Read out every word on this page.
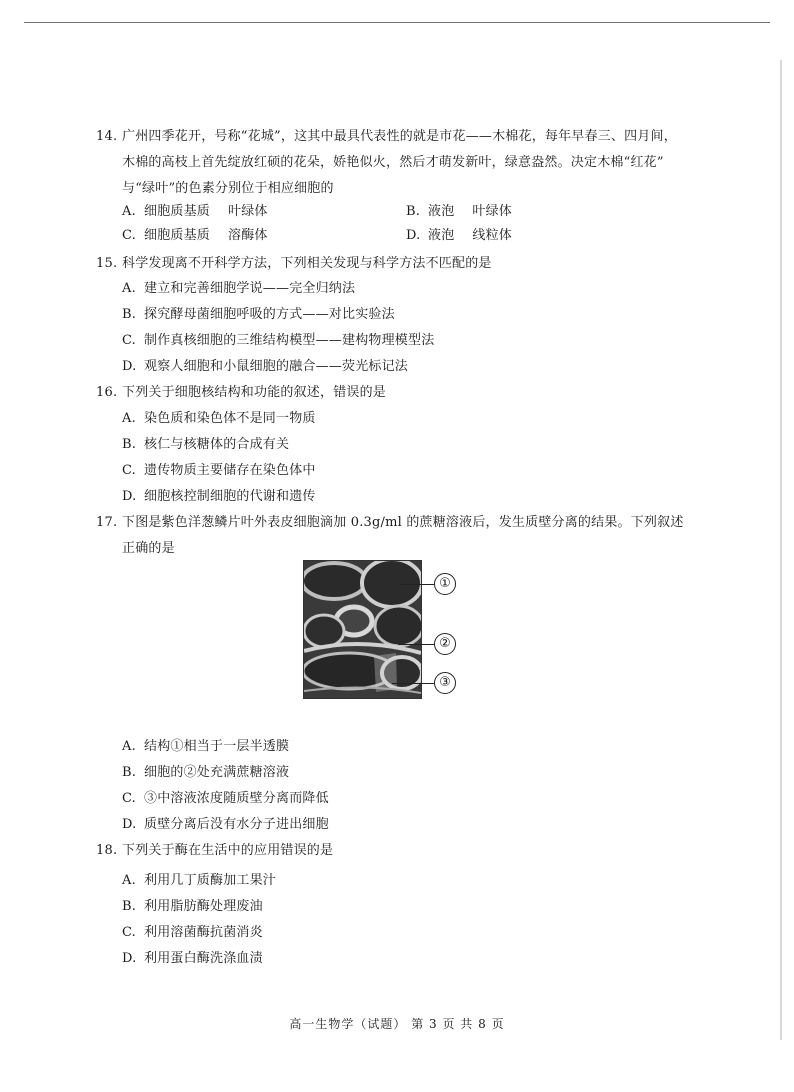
14. 广州四季花开，号称“花城”，这其中最具代表性的就是市花——木棉花，每年早春三、四月间，
木棉的高枝上首先绽放红硕的花朵，娇艳似火，然后才萌发新叶，绿意盎然。决定木棉“红花”
与“绿叶”的色素分别位于相应细胞的
A. 细胞质基质 叶绿体	B. 液泡 叶绿体
C. 细胞质基质 溶酶体	D. 液泡 线粒体
15. 科学发现离不开科学方法，下列相关发现与科学方法不匹配的是
A. 建立和完善细胞学说——完全归纳法
B. 探究酵母菌细胞呼吸的方式——对比实验法
C. 制作真核细胞的三维结构模型——建构物理模型法
D. 观察人细胞和小鼠细胞的融合——荧光标记法
16. 下列关于细胞核结构和功能的叙述，错误的是
A. 染色质和染色体不是同一物质
B. 核仁与核糖体的合成有关
C. 遗传物质主要储存在染色体中
D. 细胞核控制细胞的代谢和遗传
17. 下图是紫色洋葱鳞片叶外表皮细胞滴加 0.3g/ml 的蔗糖溶液后，发生质壁分离的结果。下列叙述
正确的是
①
②
③
A. 结构①相当于一层半透膜
B. 细胞的②处充满蔗糖溶液
C. ③中溶液浓度随质壁分离而降低
D. 质壁分离后没有水分子进出细胞
18. 下列关于酶在生活中的应用错误的是
A. 利用几丁质酶加工果汁
B. 利用脂肪酶处理废油
C. 利用溶菌酶抗菌消炎
D. 利用蛋白酶洗涤血渍
高一生物学（试题） 第 3 页 共 8 页
